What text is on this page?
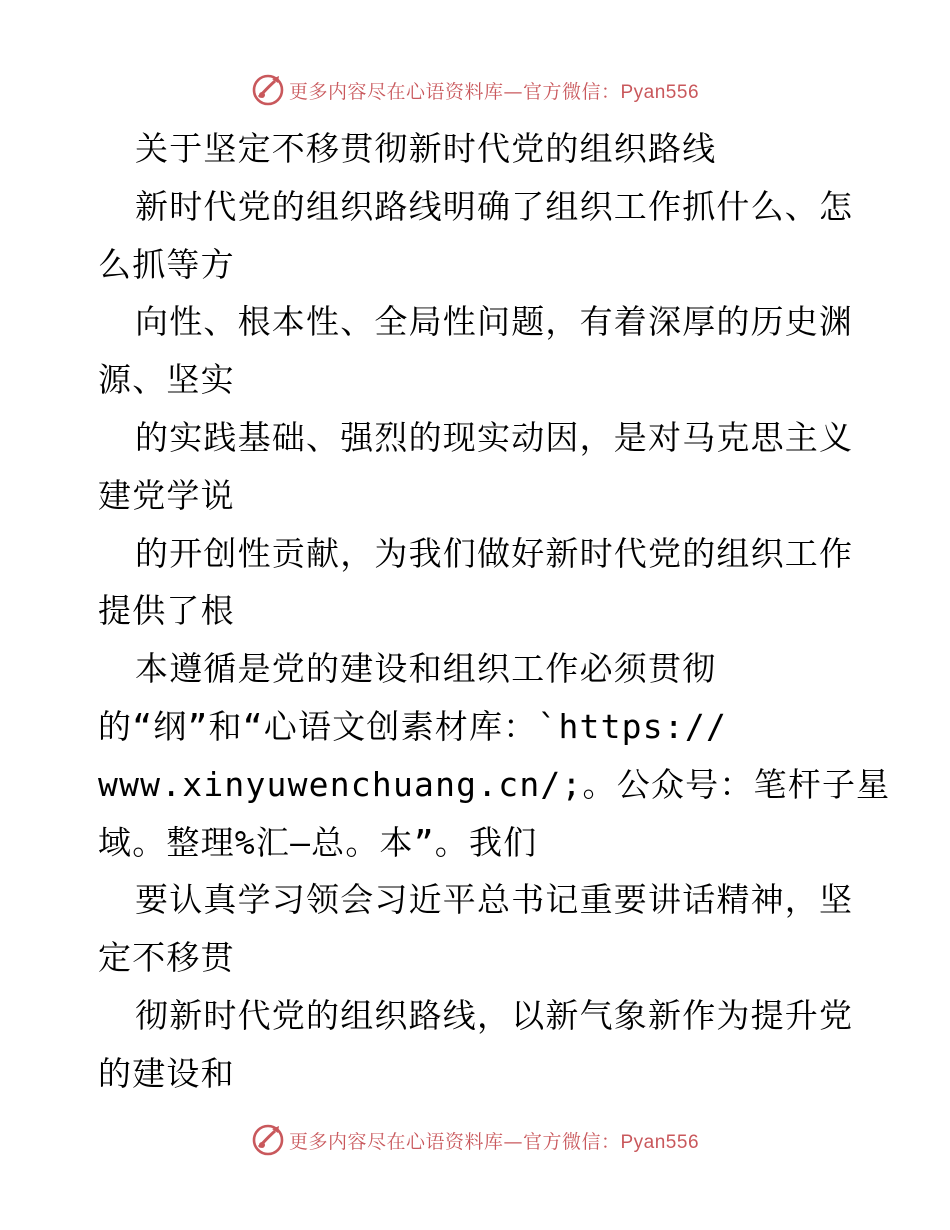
更多内容尽在心语资料库—官方微信：Pyan556
关于坚定不移贯彻新时代党的组织路线
新时代党的组织路线明确了组织工作抓什么、怎
么抓等方
向性、根本性、全局性问题，有着深厚的历史渊
源、坚实
的实践基础、强烈的现实动因，是对马克思主义
建党学说
的开创性贡献，为我们做好新时代党的组织工作
提供了根
本遵循是党的建设和组织工作必须贯彻
的“纲”和“心语文创素材库：`https://
www.xinyuwenchuang.cn/;。公众号：笔杆子星
域。整理%汇—总。本”。我们
要认真学习领会习近平总书记重要讲话精神，坚
定不移贯
彻新时代党的组织路线，以新气象新作为提升党
的建设和
更多内容尽在心语资料库—官方微信：Pyan556
